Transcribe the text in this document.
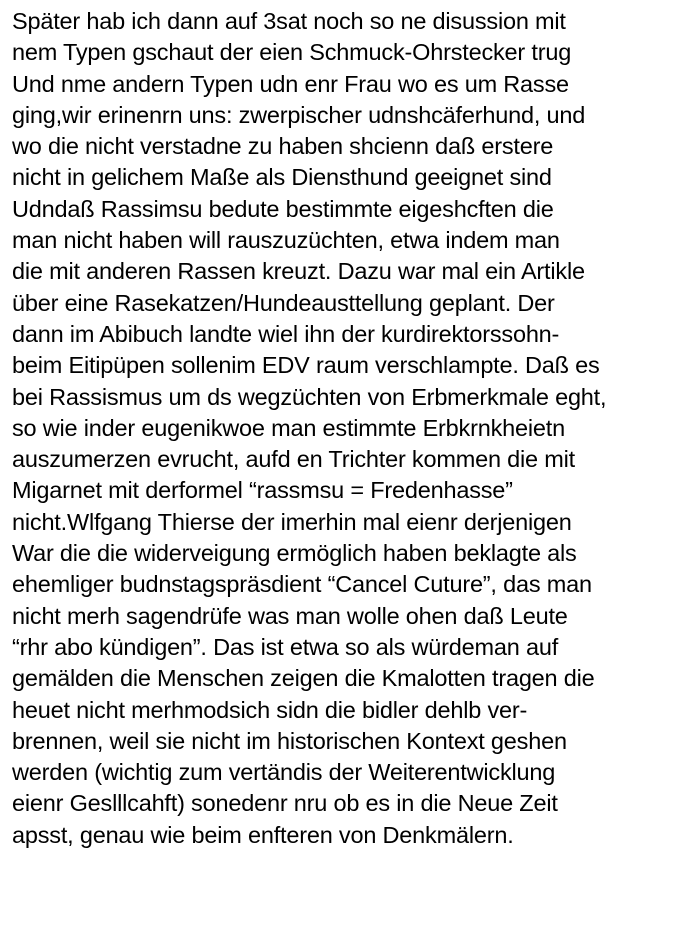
Später hab ich dann auf 3sat noch so ne disussion mit
nem Typen gschaut der eien Schmuck-Ohrstecker trug
Und nme andern Typen udn enr Frau wo es um Rasse
ging,wir erinenrn uns: zwerpischer udnshcäferhund, und
wo die nicht verstadne zu haben shcienn daß erstere
nicht in gelichem Maße als Diensthund geeignet sind
Udndaß Rassimsu bedute bestimmte eigeshcften die
man nicht haben will rauszuzüchten, etwa indem man
die mit anderen Rassen kreuzt. Dazu war mal ein Artikle
über eine Rasekatzen/Hundeausttellung geplant. Der
dann im Abibuch landte wiel ihn der kurdirektorssohn-
beim Eitipüpen sollenim EDV raum verschlampte. Daß es
bei Rassismus um ds wegzüchten von Erbmerkmale eght,
so wie inder eugenikwoe man estimmte Erbkrnkheietn
auszumerzen evrucht, aufd en Trichter kommen die mit
Migarnet mit derformel “rassmsu = Fredenhasse”
nicht.Wlfgang Thierse der imerhin mal eienr derjenigen
War die die widerveigung ermöglich haben beklagte als
ehemliger budnstagspräsdient “Cancel Cuture”, das man
nicht merh sagendrüfe was man wolle ohen daß Leute
“rhr abo kündigen”. Das ist etwa so als würdeman auf
gemälden die Menschen zeigen die Kmalotten tragen die
heuet nicht merhmodsich sidn die bidler dehlb ver-
brennen, weil sie nicht im historischen Kontext geshen
werden (wichtig zum vertändis der Weiterentwicklung
eienr Geslllcahft) sonedenr nru ob es in die Neue Zeit
apsst, genau wie beim enfteren von Denkmälern.
